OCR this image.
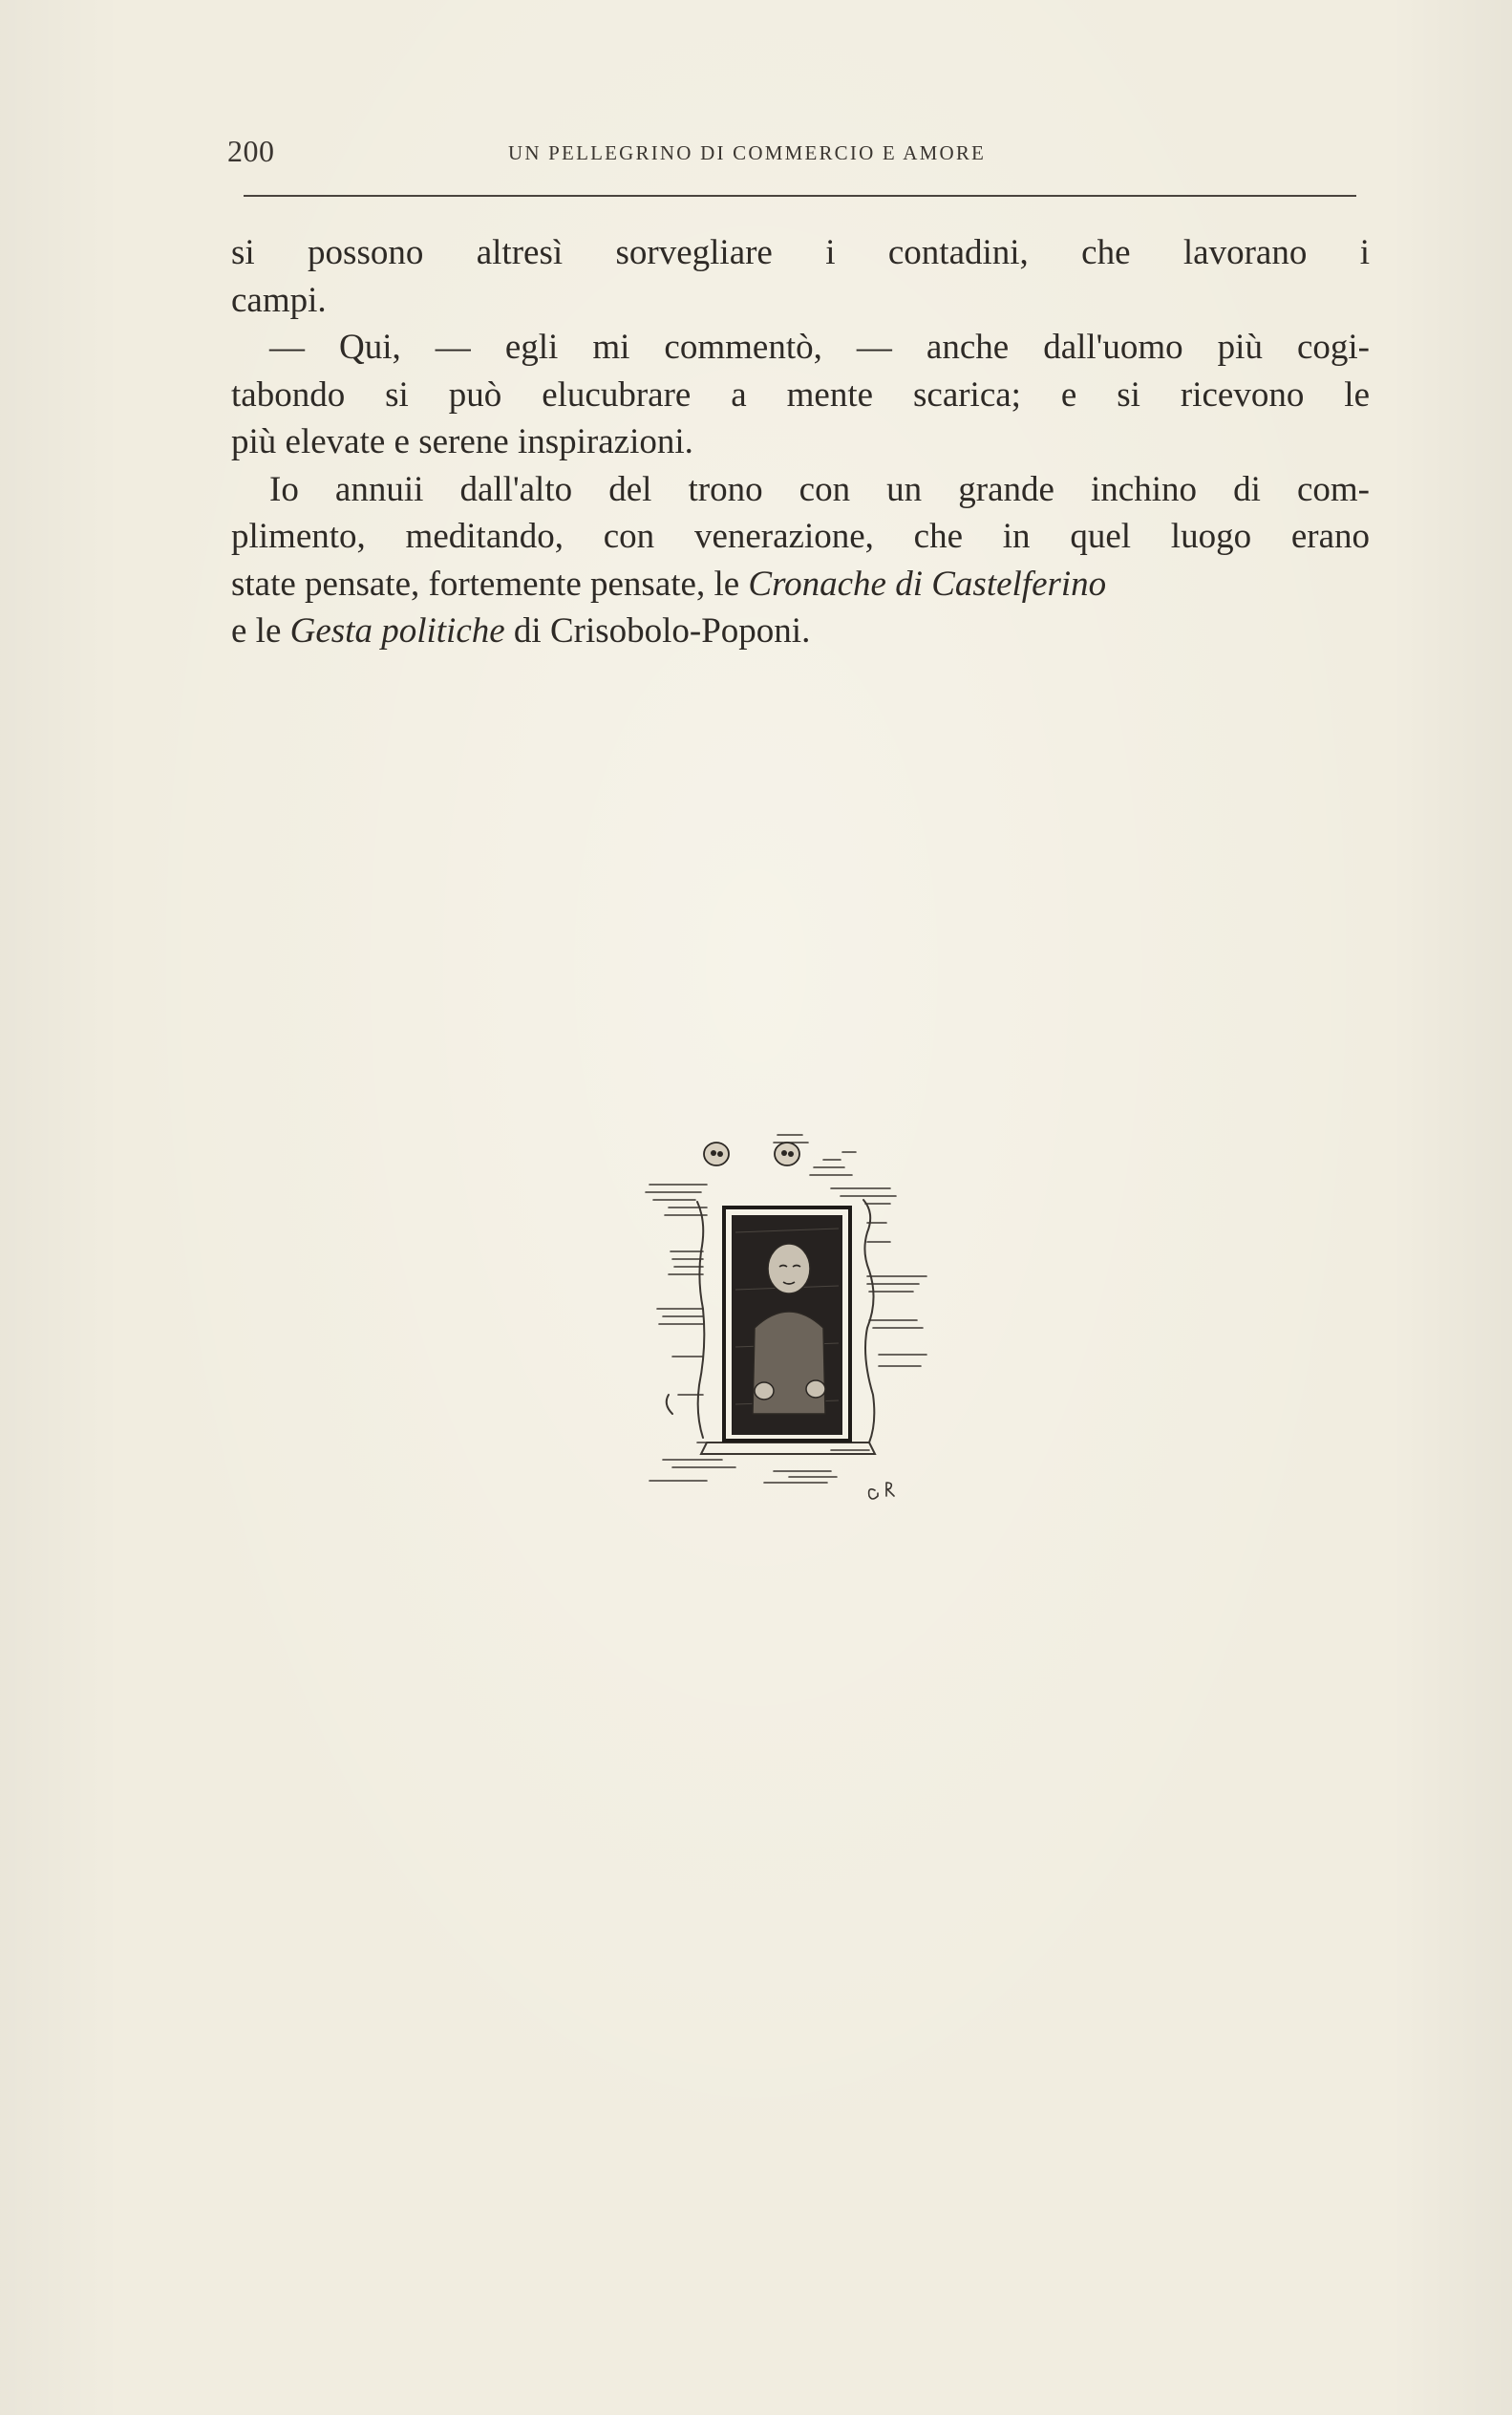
200	UN PELLEGRINO DI COMMERCIO E AMORE
si possono altresì sorvegliare i contadini, che lavorano i
campi.
— Qui, — egli mi commentò, — anche dall'uomo più cogi-
tabondo si può elucubrare a mente scarica; e si ricevono le
più elevate e serene inspirazioni.
Io annuii dall'alto del trono con un grande inchino di com-
plimento, meditando, con venerazione, che in quel luogo erano
state pensate, fortemente pensate, le Cronache di Castelferino
e le Gesta politiche di Crisobolo-Poponi.
